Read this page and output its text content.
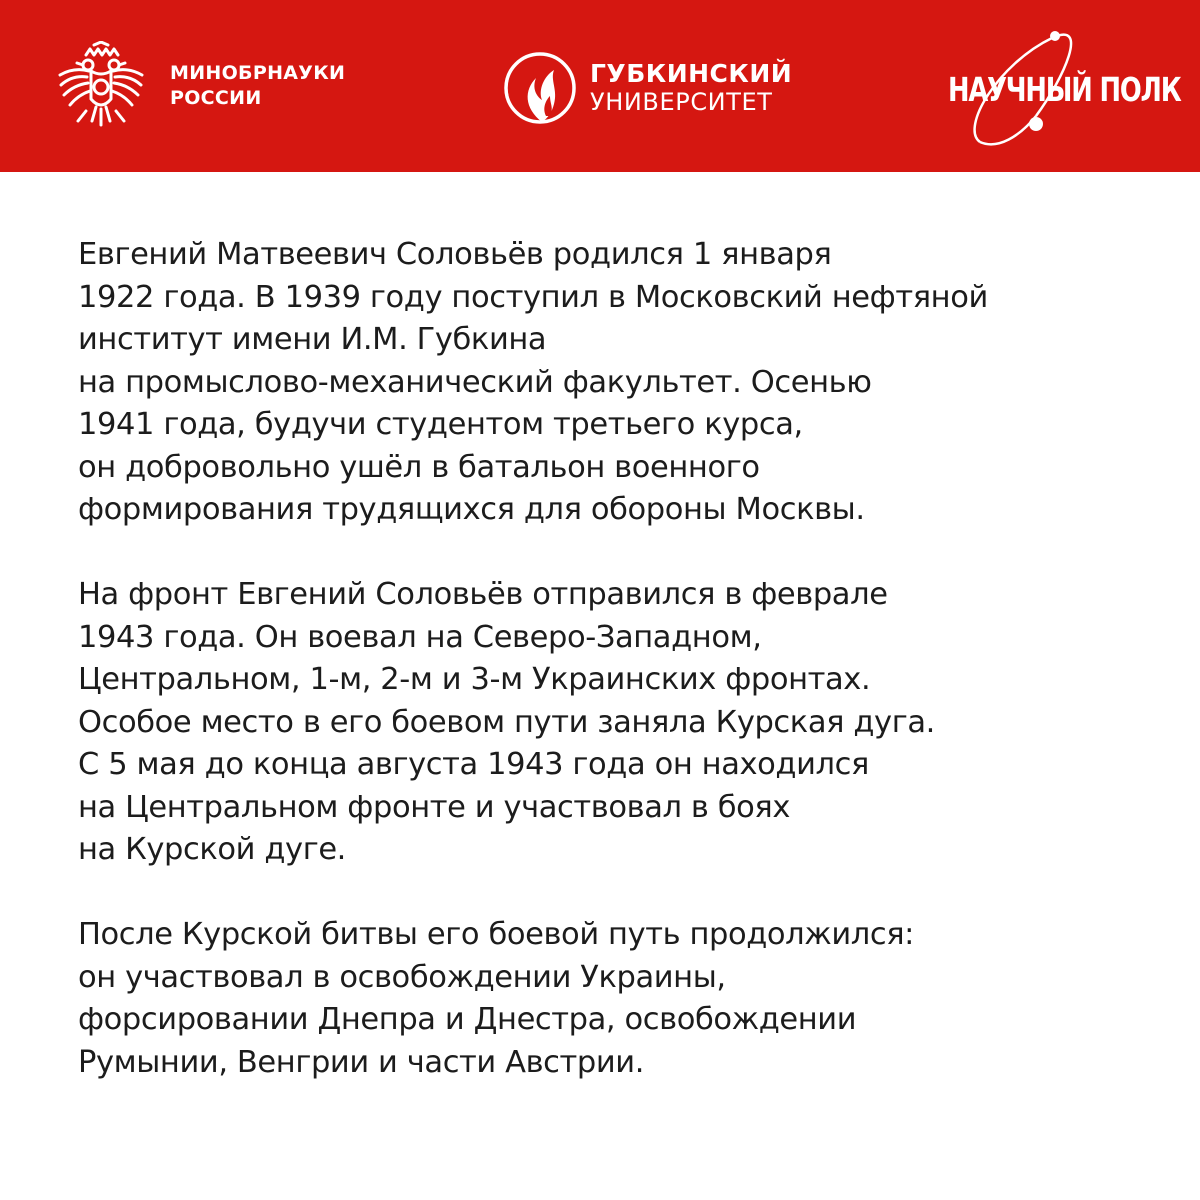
МИНОБРНАУКИ
РОССИИ
ГУБКИНСКИЙ
УНИВЕРСИТЕТ	НАУЧНЫЙ ПОЛК

Евгений Матвеевич Соловьёв родился 1 января
1922 года. В 1939 году поступил в Московский нефтяной
институт имени И.М. Губкина
на промыслово-механический факультет. Осенью
1941 года, будучи студентом третьего курса,
он добровольно ушёл в батальон военного
формирования трудящихся для обороны Москвы.

На фронт Евгений Соловьёв отправился в феврале
1943 года. Он воевал на Северо-Западном,
Центральном, 1-м, 2-м и 3-м Украинских фронтах.
Особое место в его боевом пути заняла Курская дуга.
С 5 мая до конца августа 1943 года он находился
на Центральном фронте и участвовал в боях
на Курской дуге.

После Курской битвы его боевой путь продолжился:
он участвовал в освобождении Украины,
форсировании Днепра и Днестра, освобождении
Румынии, Венгрии и части Австрии.
